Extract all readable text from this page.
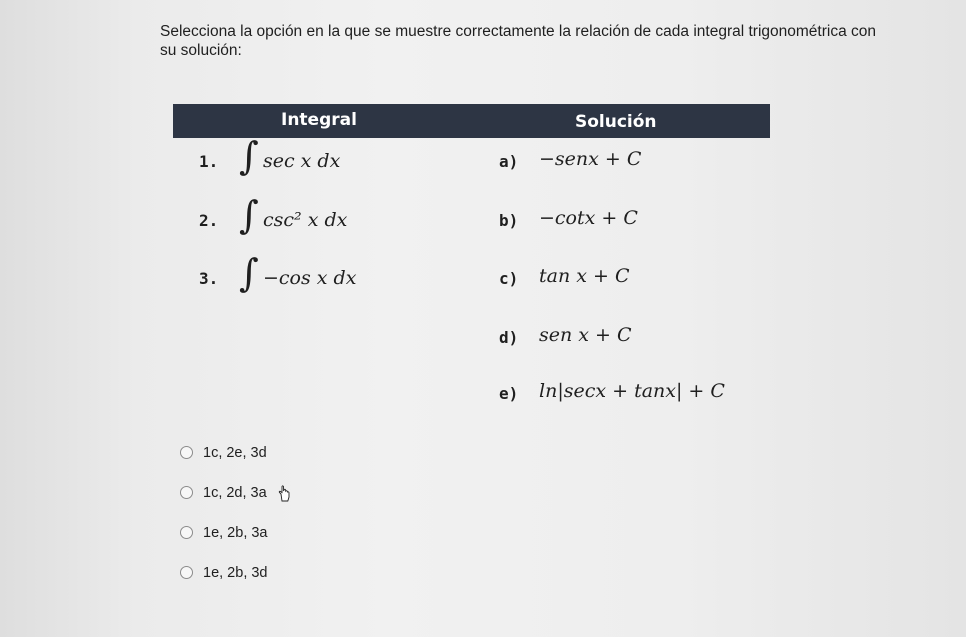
Selecciona la opción en la que se muestre correctamente la relación de cada integral trigonométrica con su solución:
Integral	Solución
1. ∫ sec x dx	a) −senx + C
2. ∫ csc² x dx	b) −cotx + C
3. ∫ −cos x dx	c) tan x + C
d) sen x + C
e) ln|secx + tanx| + C
1c, 2e, 3d
1c, 2d, 3a
1e, 2b, 3a
1e, 2b, 3d
